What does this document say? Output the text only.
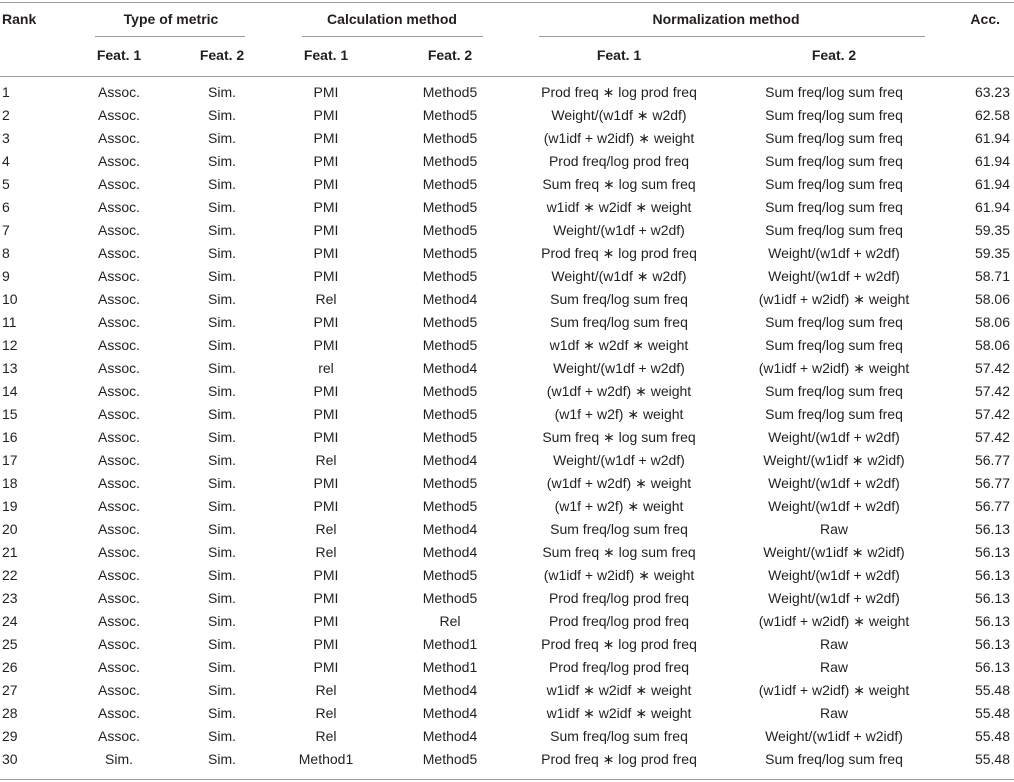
Rank	Type of metric	Calculation method	Normalization method	Acc.
Feat. 1	Feat. 2	Feat. 1	Feat. 2	Feat. 1	Feat. 2
1	Assoc.	Sim.	PMI	Method5	Prod freq ∗ log prod freq	Sum freq/log sum freq	63.23
2	Assoc.	Sim.	PMI	Method5	Weight/(w1df ∗ w2df)	Sum freq/log sum freq	62.58
3	Assoc.	Sim.	PMI	Method5	(w1idf + w2idf) ∗ weight	Sum freq/log sum freq	61.94
4	Assoc.	Sim.	PMI	Method5	Prod freq/log prod freq	Sum freq/log sum freq	61.94
5	Assoc.	Sim.	PMI	Method5	Sum freq ∗ log sum freq	Sum freq/log sum freq	61.94
6	Assoc.	Sim.	PMI	Method5	w1idf ∗ w2idf ∗ weight	Sum freq/log sum freq	61.94
7	Assoc.	Sim.	PMI	Method5	Weight/(w1df + w2df)	Sum freq/log sum freq	59.35
8	Assoc.	Sim.	PMI	Method5	Prod freq ∗ log prod freq	Weight/(w1df + w2df)	59.35
9	Assoc.	Sim.	PMI	Method5	Weight/(w1df ∗ w2df)	Weight/(w1df + w2df)	58.71
10	Assoc.	Sim.	Rel	Method4	Sum freq/log sum freq	(w1idf + w2idf) ∗ weight	58.06
11	Assoc.	Sim.	PMI	Method5	Sum freq/log sum freq	Sum freq/log sum freq	58.06
12	Assoc.	Sim.	PMI	Method5	w1df ∗ w2df ∗ weight	Sum freq/log sum freq	58.06
13	Assoc.	Sim.	rel	Method4	Weight/(w1df + w2df)	(w1idf + w2idf) ∗ weight	57.42
14	Assoc.	Sim.	PMI	Method5	(w1df + w2df) ∗ weight	Sum freq/log sum freq	57.42
15	Assoc.	Sim.	PMI	Method5	(w1f + w2f) ∗ weight	Sum freq/log sum freq	57.42
16	Assoc.	Sim.	PMI	Method5	Sum freq ∗ log sum freq	Weight/(w1df + w2df)	57.42
17	Assoc.	Sim.	Rel	Method4	Weight/(w1df + w2df)	Weight/(w1idf ∗ w2idf)	56.77
18	Assoc.	Sim.	PMI	Method5	(w1df + w2df) ∗ weight	Weight/(w1df + w2df)	56.77
19	Assoc.	Sim.	PMI	Method5	(w1f + w2f) ∗ weight	Weight/(w1df + w2df)	56.77
20	Assoc.	Sim.	Rel	Method4	Sum freq/log sum freq	Raw	56.13
21	Assoc.	Sim.	Rel	Method4	Sum freq ∗ log sum freq	Weight/(w1idf ∗ w2idf)	56.13
22	Assoc.	Sim.	PMI	Method5	(w1idf + w2idf) ∗ weight	Weight/(w1df + w2df)	56.13
23	Assoc.	Sim.	PMI	Method5	Prod freq/log prod freq	Weight/(w1df + w2df)	56.13
24	Assoc.	Sim.	PMI	Rel	Prod freq/log prod freq	(w1idf + w2idf) ∗ weight	56.13
25	Assoc.	Sim.	PMI	Method1	Prod freq ∗ log prod freq	Raw	56.13
26	Assoc.	Sim.	PMI	Method1	Prod freq/log prod freq	Raw	56.13
27	Assoc.	Sim.	Rel	Method4	w1idf ∗ w2idf ∗ weight	(w1idf + w2idf) ∗ weight	55.48
28	Assoc.	Sim.	Rel	Method4	w1idf ∗ w2idf ∗ weight	Raw	55.48
29	Assoc.	Sim.	Rel	Method4	Sum freq/log sum freq	Weight/(w1idf + w2idf)	55.48
30	Sim.	Sim.	Method1	Method5	Prod freq ∗ log prod freq	Sum freq/log sum freq	55.48
